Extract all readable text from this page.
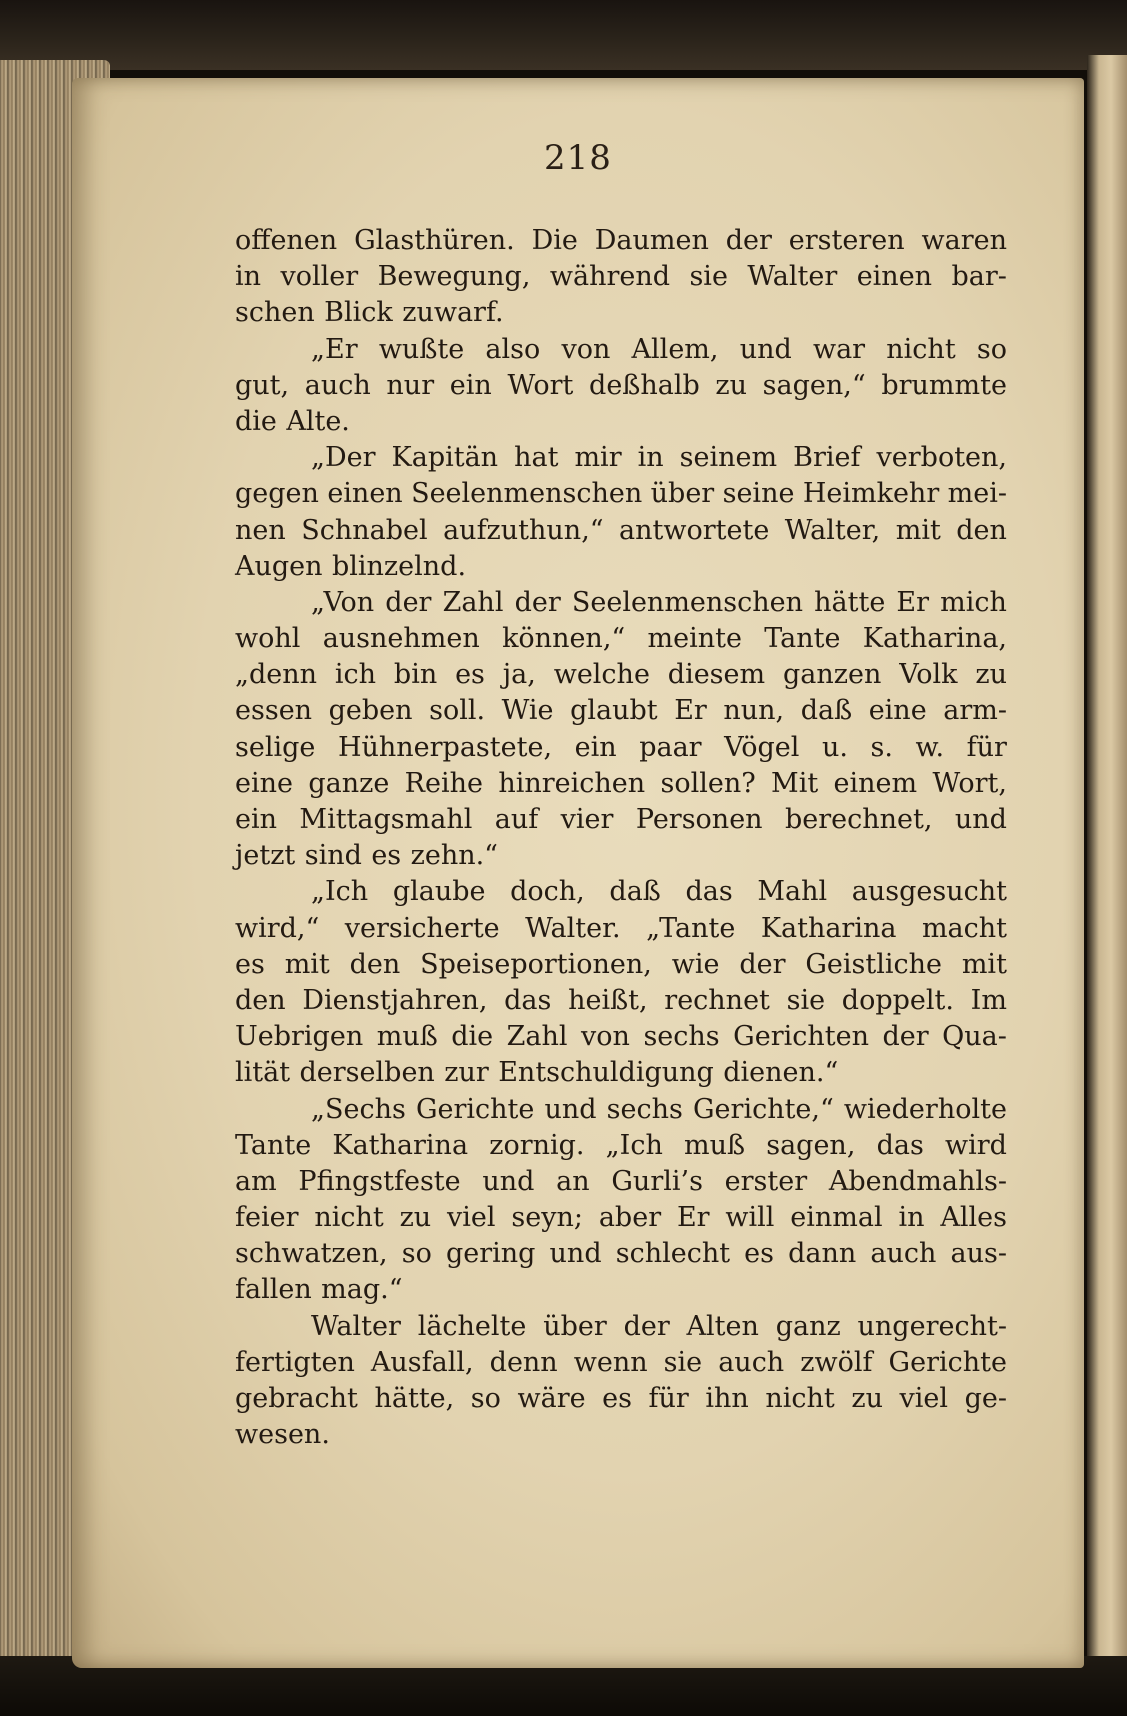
218
offenen Glasthüren. Die Daumen der ersteren waren
in voller Bewegung, während sie Walter einen bar-
schen Blick zuwarf.
„Er wußte also von Allem, und war nicht so
gut, auch nur ein Wort deßhalb zu sagen,“ brummte
die Alte.
„Der Kapitän hat mir in seinem Brief verboten,
gegen einen Seelenmenschen über seine Heimkehr mei-
nen Schnabel aufzuthun,“ antwortete Walter, mit den
Augen blinzelnd.
„Von der Zahl der Seelenmenschen hätte Er mich
wohl ausnehmen können,“ meinte Tante Katharina,
„denn ich bin es ja, welche diesem ganzen Volk zu
essen geben soll. Wie glaubt Er nun, daß eine arm-
selige Hühnerpastete, ein paar Vögel u. s. w. für
eine ganze Reihe hinreichen sollen? Mit einem Wort,
ein Mittagsmahl auf vier Personen berechnet, und
jetzt sind es zehn.“
„Ich glaube doch, daß das Mahl ausgesucht
wird,“ versicherte Walter. „Tante Katharina macht
es mit den Speiseportionen, wie der Geistliche mit
den Dienstjahren, das heißt, rechnet sie doppelt. Im
Uebrigen muß die Zahl von sechs Gerichten der Qua-
lität derselben zur Entschuldigung dienen.“
„Sechs Gerichte und sechs Gerichte,“ wiederholte
Tante Katharina zornig. „Ich muß sagen, das wird
am Pfingstfeste und an Gurli’s erster Abendmahls-
feier nicht zu viel seyn; aber Er will einmal in Alles
schwatzen, so gering und schlecht es dann auch aus-
fallen mag.“
Walter lächelte über der Alten ganz ungerecht-
fertigten Ausfall, denn wenn sie auch zwölf Gerichte
gebracht hätte, so wäre es für ihn nicht zu viel ge-
wesen.
